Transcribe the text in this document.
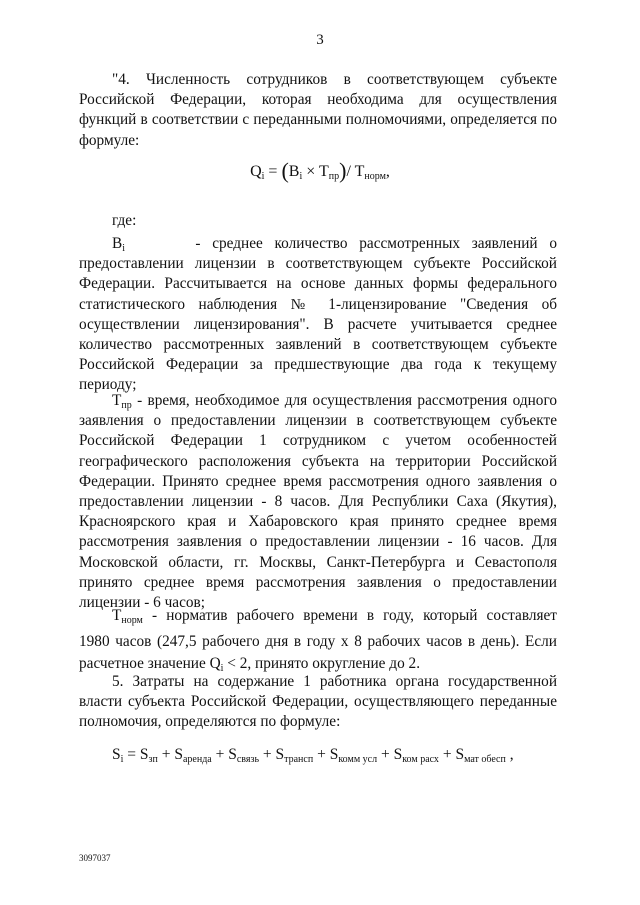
3
"4. Численность сотрудников в соответствующем субъекте
Российской Федерации, которая необходима для осуществления
функций в соответствии с переданными полномочиями, определяется по
формуле:
$Q_i = (B_i \times T_{пр})/$ $T_{норм}$,
где:
$B_i$	- среднее количество рассмотренных заявлений о
предоставлении лицензии в соответствующем субъекте Российской
Федерации. Рассчитывается на основе данных формы федерального
статистического наблюдения № 1-лицензирование "Сведения об
осуществлении лицензирования". В расчете учитывается среднее
количество рассмотренных заявлений в соответствующем субъекте
Российской Федерации за предшествующие два года к текущему
периоду;
$T_{пр}$ - время, необходимое для осуществления рассмотрения одного
заявления о предоставлении лицензии в соответствующем субъекте
Российской Федерации 1 сотрудником с учетом особенностей
географического расположения субъекта на территории Российской
Федерации. Принято среднее время рассмотрения одного заявления о
предоставлении лицензии - 8 часов. Для Республики Саха (Якутия),
Красноярского края и Хабаровского края принято среднее время
рассмотрения заявления о предоставлении лицензии - 16 часов. Для
Московской области, гг. Москвы, Санкт-Петербурга и Севастополя
принято среднее время рассмотрения заявления о предоставлении
лицензии - 6 часов;
$T_{норм}$ - норматив рабочего времени в году, который составляет
1980 часов (247,5 рабочего дня в году x 8 рабочих часов в день). Если
расчетное значение $Q_i < 2$, принято округление до 2.
5. Затраты на содержание 1 работника органа государственной
власти субъекта Российской Федерации, осуществляющего переданные
полномочия, определяются по формуле:
$S_i = S_{зп} + S_{аренда} + S_{связь} + S_{трансп} + S_{комм усл} + S_{ком расх} + S_{мат обесп}$ ,
3097037
